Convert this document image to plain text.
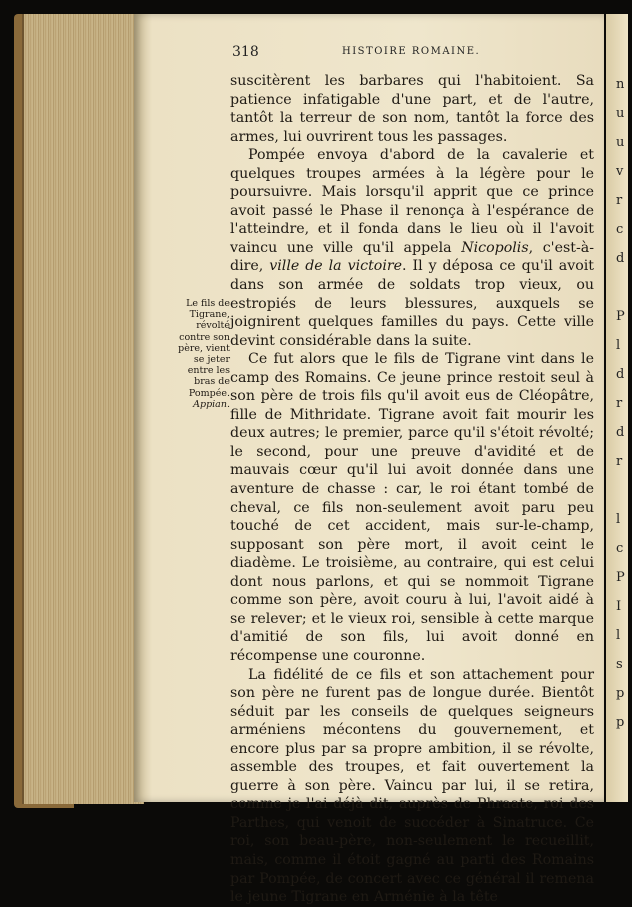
n
u
u
v
r
c
d
P
l
d
r
d
r
l
c
P
I
l
s
p
p
318	HISTOIRE ROMAINE.
Le fils de Tigrane, révolté contre son père, vient se jeter entre les bras de Pompée.
Appian.

suscitèrent les barbares qui l'habitoient. Sa patience infatigable d'une part, et de l'autre, tantôt la terreur de son nom, tantôt la force des armes, lui ouvrirent tous les passages.

Pompée envoya d'abord de la cavalerie et quelques troupes armées à la légère pour le poursuivre. Mais lorsqu'il apprit que ce prince avoit passé le Phase il renonça à l'espérance de l'atteindre, et il fonda dans le lieu où il l'avoit vaincu une ville qu'il appela Nicopolis, c'est-à-dire, ville de la victoire. Il y déposa ce qu'il avoit dans son armée de soldats trop vieux, ou estropiés de leurs blessures, auxquels se joignirent quelques familles du pays. Cette ville devint considérable dans la suite.

Ce fut alors que le fils de Tigrane vint dans le camp des Romains. Ce jeune prince restoit seul à son père de trois fils qu'il avoit eus de Cléopâtre, fille de Mithridate. Tigrane avoit fait mourir les deux autres; le premier, parce qu'il s'étoit révolté; le second, pour une preuve d'avidité et de mauvais cœur qu'il lui avoit donnée dans une aventure de chasse : car, le roi étant tombé de cheval, ce fils non-seulement avoit paru peu touché de cet accident, mais sur-le-champ, supposant son père mort, il avoit ceint le diadème. Le troisième, au contraire, qui est celui dont nous parlons, et qui se nommoit Tigrane comme son père, avoit couru à lui, l'avoit aidé à se relever; et le vieux roi, sensible à cette marque d'amitié de son fils, lui avoit donné en récompense une couronne.

La fidélité de ce fils et son attachement pour son père ne furent pas de longue durée. Bientôt séduit par les conseils de quelques seigneurs arméniens mécontens du gouvernement, et encore plus par sa propre ambition, il se révolte, assemble des troupes, et fait ouvertement la guerre à son père. Vaincu par lui, il se retira, comme je l'ai déjà dit, auprès de Phraate, roi des Parthes, qui venoit de succéder à Sinatruce. Ce roi, son beau-père, non-seulement le recueillit, mais, comme il étoit gagné au parti des Romains par Pompée, de concert avec ce général il remena le jeune Tigrane en Arménie à la tête
